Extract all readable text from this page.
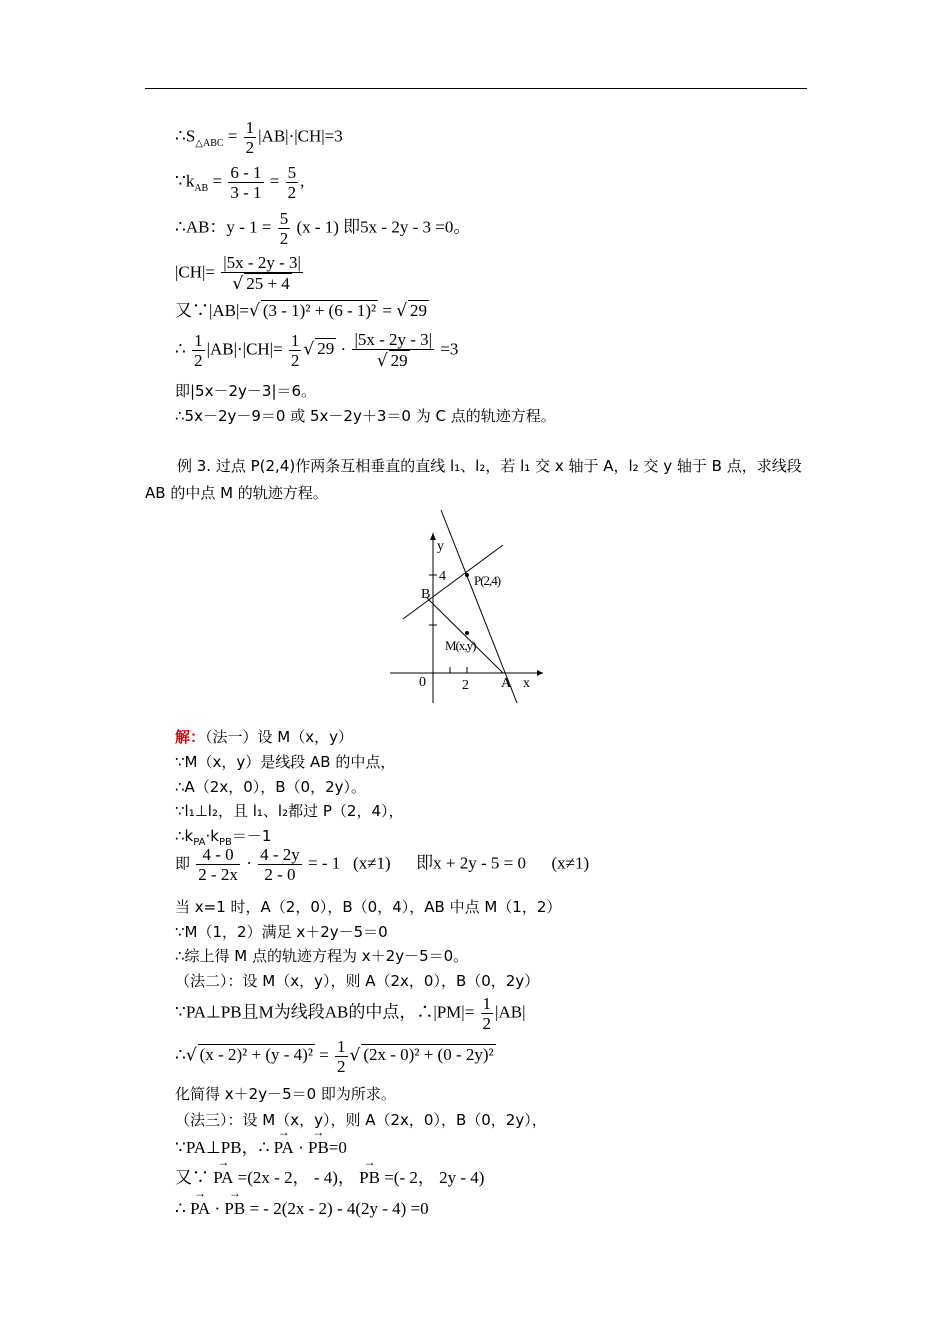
$\therefore S_{\triangle ABC} = \frac{1}{2} |AB|\cdot|CH|=3$
$\because k_{AB} = \frac{6 - 1}{3 - 1} = \frac{5}{2}$ ,
∴AB：$y - 1 = \frac{5}{2} (x - 1)$ 即5x - 2y - 3 =0。
$|CH|= \frac{|5x - 2y - 3|}{√ 25 + 4}$
又∵|AB|=√ (3 - 1)² + (6 - 1)² = √ 29
∴ $\frac{1}{2} |AB|\cdot|CH|= \frac{1}{2}$ √ $29 \cdot \frac{|5x - 2y - 3|}{√ 29} =3$
即|5x－2y－3|＝6。
∴5x－2y－9＝0 或 5x－2y＋3＝0 为 C 点的轨迹方程。
例 3. 过点 P(2,4)作两条互相垂直的直线 l₁、l₂，若 l₁ 交 x 轴于 A，l₂ 交 y 轴于 B 点，求线段 AB 的中点 M 的轨迹方程。
y
x
4
2
0
P(2,4)
B
M(x,y)
A
解：（法一）设 M（x，y）
∵M（x，y）是线段 AB 的中点，
∴A（2x，0），B（0，2y）。
∵l₁⊥l₂，且 l₁、l₂都过 P（2，4），
$\therefore k_{PA}\cdot k_{PB}=-1$
即 $\frac{4 - 0}{2 - 2x} \cdot \frac{4 - 2y}{2 - 0}$ = - 1   (x≠1)      即x + 2y - 5 = 0      (x≠1)
当 x=1 时，A（2，0），B（0，4），AB 中点 M（1，2）
∵M（1，2）满足 x＋2y－5＝0
∴综上得 M 点的轨迹方程为 x＋2y－5＝0。
（法二）：设 M（x，y），则 A（2x，0），B（0，2y）
∵PA⊥PB且M为线段AB的中点，∴|PM|= $\frac{1}{2} |AB|$
∴√ $(x - 2)^2 + (y - 4)^2 = \frac{1}{2}$ √ (2x - 0)² + (0 - 2y)²
化简得 x＋2y－5＝0 即为所求。
（法三）：设 M（x，y），则 A（2x，0），B（0，2y），
∵PA⊥PB，∴ → PA · → PB=0
又∵ → PA =(2x - 2， - 4)， → PB =(- 2， 2y - 4)
∴ → PA · → PB = - 2(2x - 2) - 4(2y - 4) =0
